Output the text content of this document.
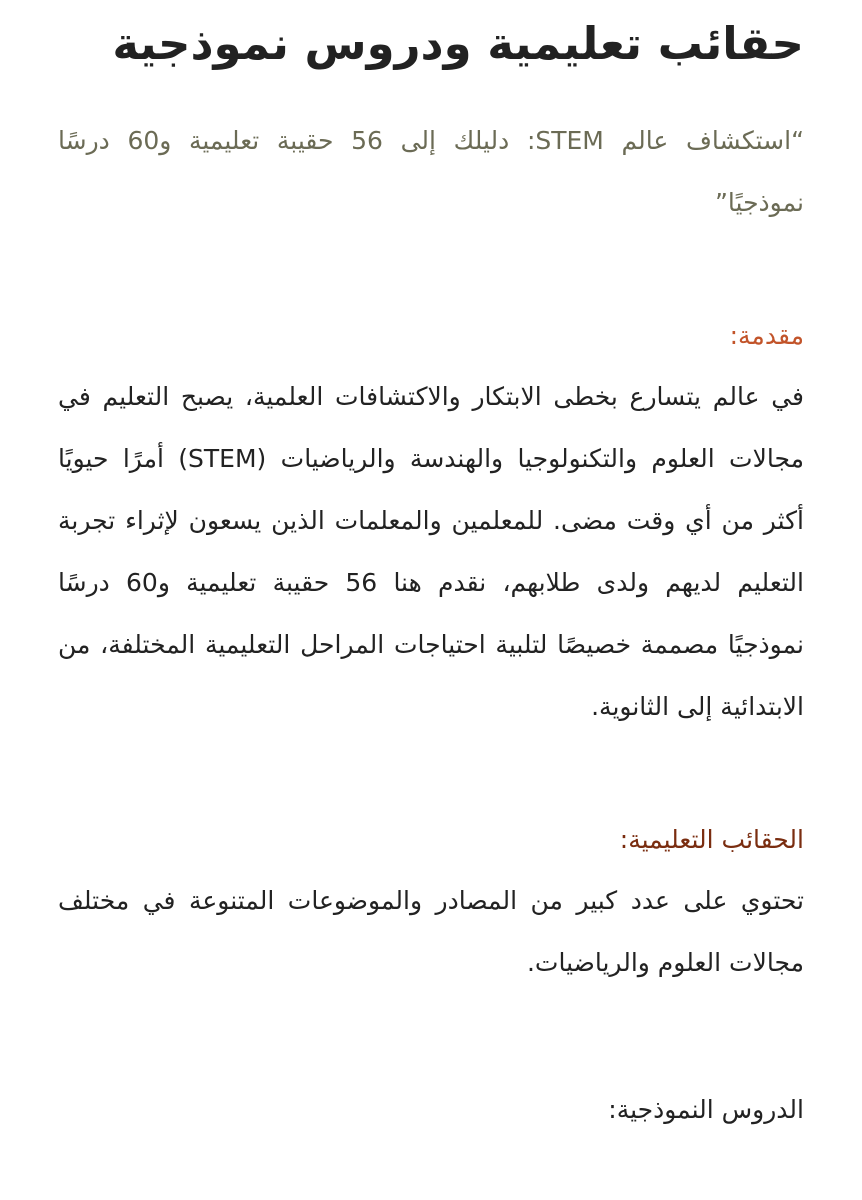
حقائب تعليمية ودروس نموذجية

“استكشاف عالم STEM: دليلك إلى 56 حقيبة تعليمية و60 درسًا نموذجيًا”

مقدمة:

في عالم يتسارع بخطى الابتكار والاكتشافات العلمية، يصبح التعليم في مجالات العلوم والتكنولوجيا والهندسة والرياضيات (STEM) أمرًا حيويًا أكثر من أي وقت مضى. للمعلمين والمعلمات الذين يسعون لإثراء تجربة التعليم لديهم ولدى طلابهم، نقدم هنا 56 حقيبة تعليمية و60 درسًا نموذجيًا مصممة خصيصًا لتلبية احتياجات المراحل التعليمية المختلفة، من الابتدائية إلى الثانوية.

الحقائب التعليمية:

تحتوي على عدد كبير من المصادر والموضوعات المتنوعة في مختلف مجالات العلوم والرياضيات.

الدروس النموذجية:
